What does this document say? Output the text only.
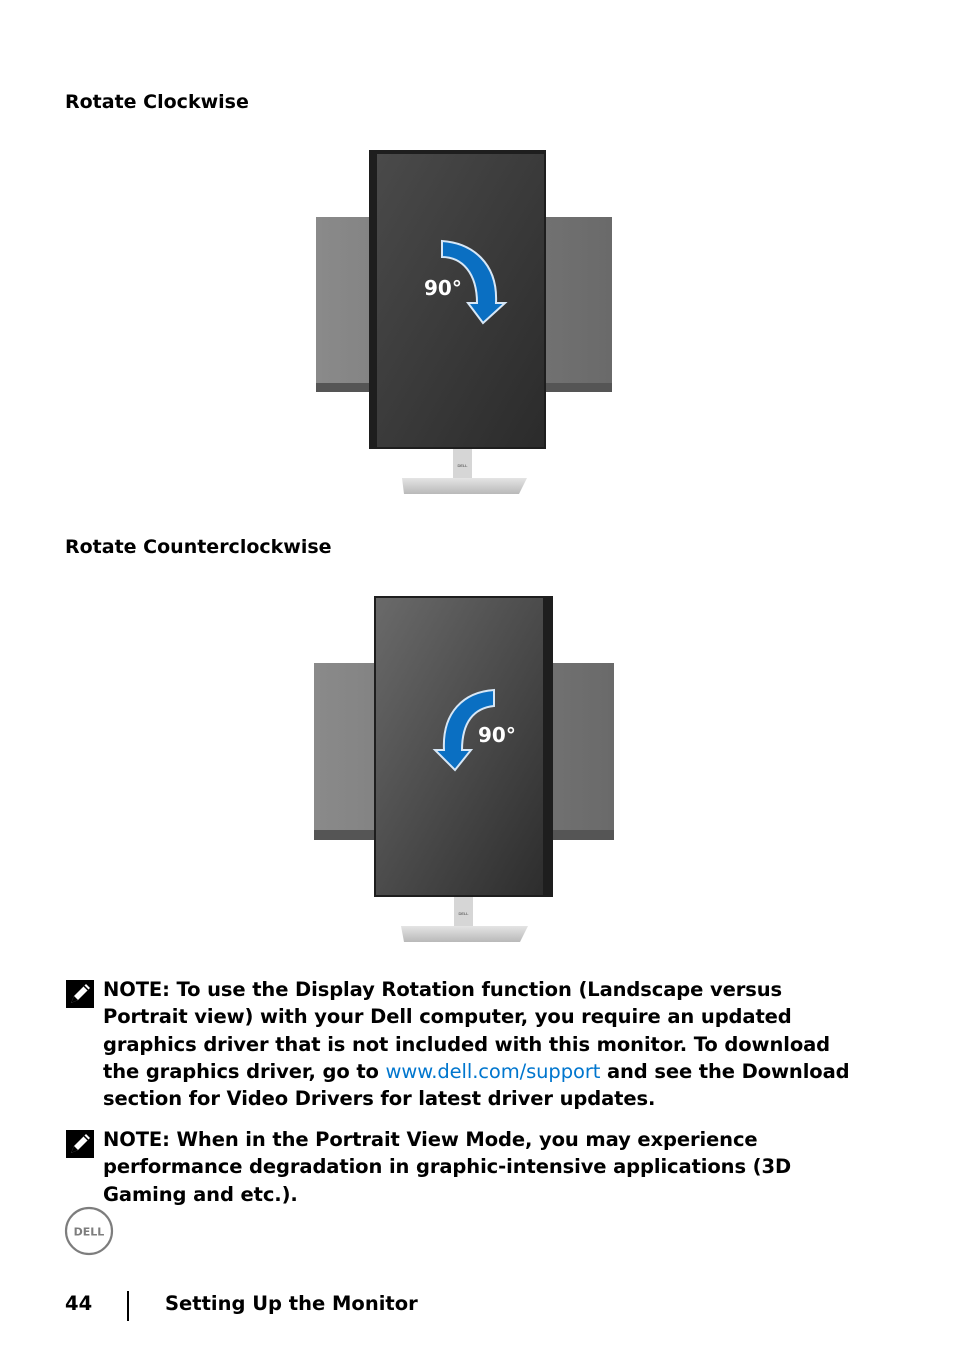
Rotate Clockwise
DELL
90°
Rotate Counterclockwise
DELL
90°

NOTE: To use the Display Rotation function (Landscape versus Portrait view) with your Dell computer, you require an updated graphics driver that is not included with this monitor. To download the graphics driver, go to www.dell.com/support and see the Download section for Video Drivers for latest driver updates.

NOTE: When in the Portrait View Mode, you may experience performance degradation in graphic-intensive applications (3D Gaming and etc.).

DELL
44	Setting Up the Monitor
